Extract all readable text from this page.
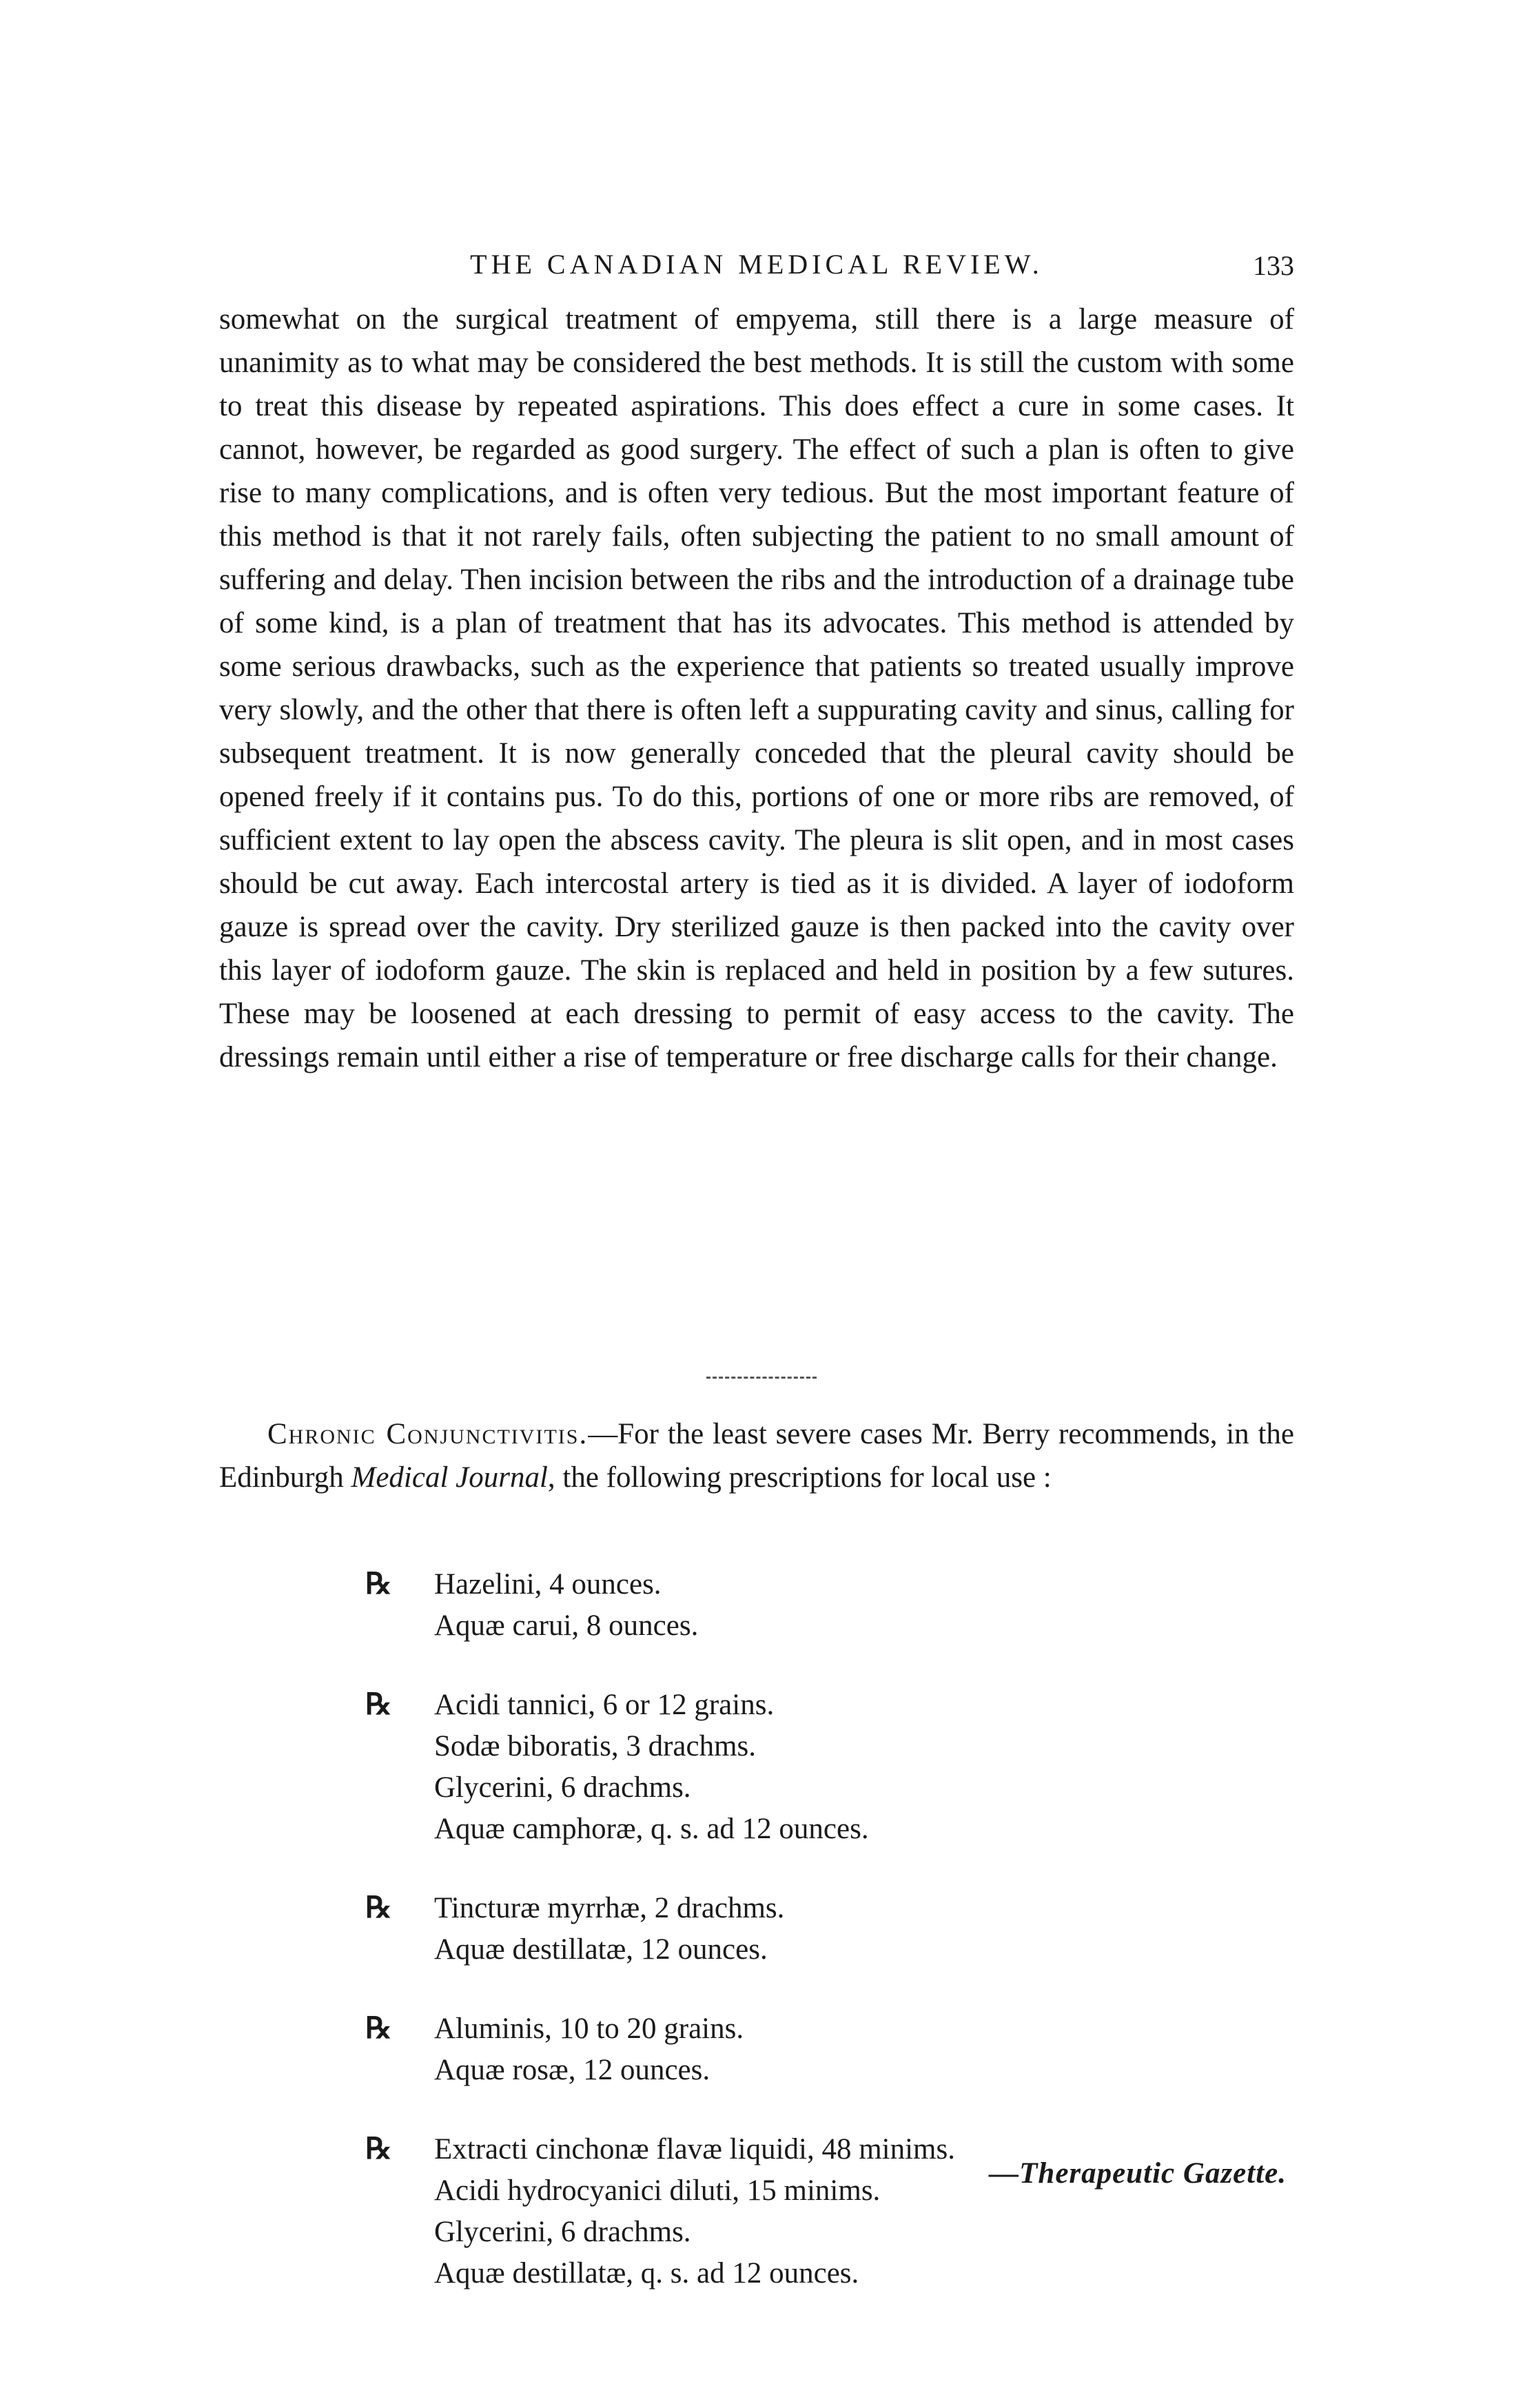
THE CANADIAN MEDICAL REVIEW.	133

somewhat on the surgical treatment of empyema, still there is a large measure of unanimity as to what may be considered the best methods. It is still the custom with some to treat this disease by repeated aspirations. This does effect a cure in some cases. It cannot, however, be regarded as good surgery. The effect of such a plan is often to give rise to many complications, and is often very tedious. But the most important feature of this method is that it not rarely fails, often subjecting the patient to no small amount of suffering and delay. Then incision between the ribs and the introduction of a drainage tube of some kind, is a plan of treatment that has its advocates. This method is attended by some serious drawbacks, such as the experience that patients so treated usually improve very slowly, and the other that there is often left a suppurating cavity and sinus, calling for subsequent treatment. It is now generally conceded that the pleural cavity should be opened freely if it contains pus. To do this, portions of one or more ribs are removed, of sufficient extent to lay open the abscess cavity. The pleura is slit open, and in most cases should be cut away. Each intercostal artery is tied as it is divided. A layer of iodoform gauze is spread over the cavity. Dry sterilized gauze is then packed into the cavity over this layer of iodoform gauze. The skin is replaced and held in position by a few sutures. These may be loosened at each dressing to permit of easy access to the cavity. The dressings remain until either a rise of temperature or free discharge calls for their change.

Chronic Conjunctivitis.—For the least severe cases Mr. Berry recommends, in the Edinburgh Medical Journal, the following prescriptions for local use :

℞ Hazelini, 4 ounces.
Aquæ carui, 8 ounces.
℞ Acidi tannici, 6 or 12 grains.
Sodæ biboratis, 3 drachms.
Glycerini, 6 drachms.
Aquæ camphoræ, q. s. ad 12 ounces.
℞ Tincturæ myrrhæ, 2 drachms.
Aquæ destillatæ, 12 ounces.
℞ Aluminis, 10 to 20 grains.
Aquæ rosæ, 12 ounces.
℞ Extracti cinchonæ flavæ liquidi, 48 minims.
Acidi hydrocyanici diluti, 15 minims.
Glycerini, 6 drachms.
Aquæ destillatæ, q. s. ad 12 ounces.
—Therapeutic Gazette.
